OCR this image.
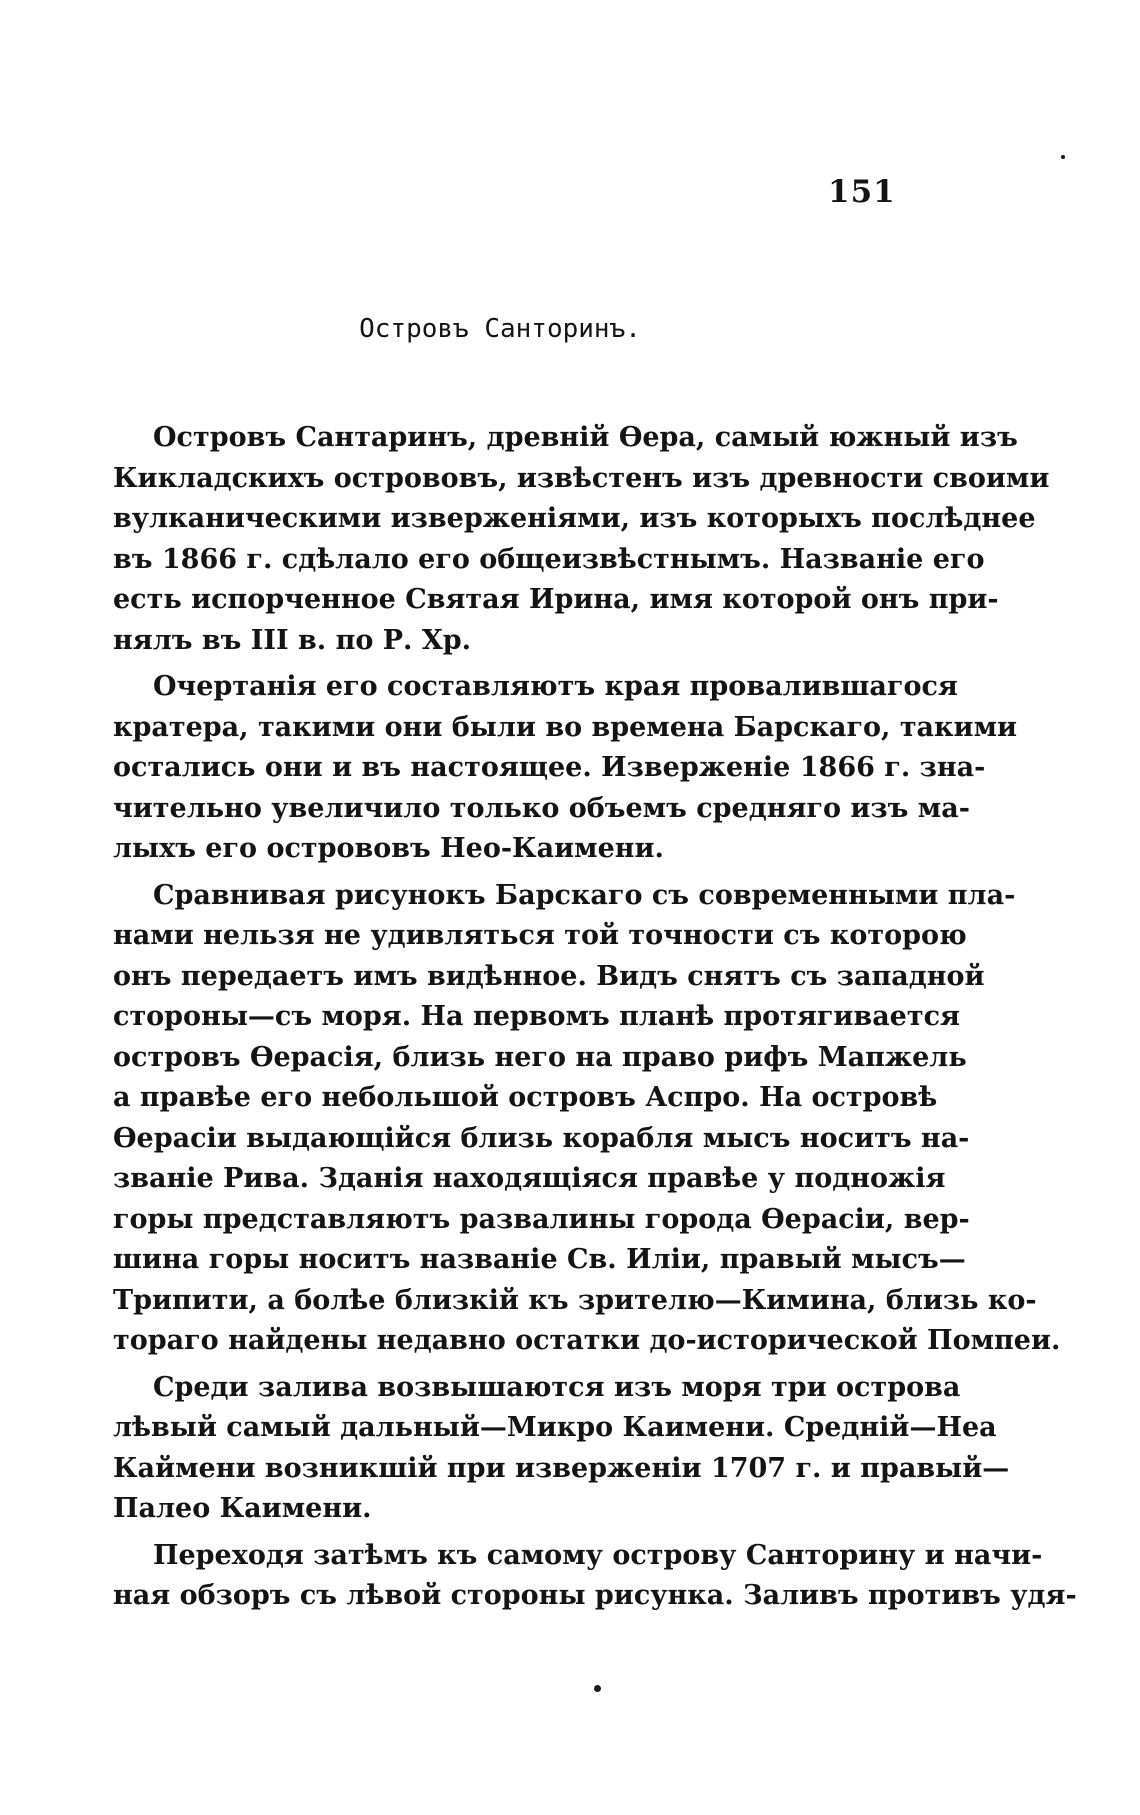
151
Островъ Санторинъ.
Островъ Сантаринъ, древній Өера, самый южный изъ
Кикладскихъ острововъ, извѣстенъ изъ древности своими
вулканическими изверженіями, изъ которыхъ послѣднее
въ 1866 г. сдѣлало его общеизвѣстнымъ. Названіе его
есть испорченное Святая Ирина, имя которой онъ при-
нялъ въ III в. по Р. Хр.
Очертанія его составляютъ края провалившагося
кратера, такими они были во времена Барскаго, такими
остались они и въ настоящее. Изверженіе 1866 г. зна-
чительно увеличило только объемъ средняго изъ ма-
лыхъ его острововъ Нео-Каимени.
Сравнивая рисунокъ Барскаго съ современными пла-
нами нельзя не удивляться той точности съ которою
онъ передаетъ имъ видѣнное. Видъ снятъ съ западной
стороны—съ моря. На первомъ планѣ протягивается
островъ Өерасія, близь него на право рифъ Мапжель
а правѣе его небольшой островъ Аспро. На островѣ
Өерасіи выдающійся близь корабля мысъ носитъ на-
званіе Рива. Зданія находящіяся правѣе у подножія
горы представляютъ развалины города Өерасіи, вер-
шина горы носитъ названіе Св. Иліи, правый мысъ—
Трипити, а болѣе близкій къ зрителю—Кимина, близь ко-
тораго найдены недавно остатки до-исторической Помпеи.
Среди залива возвышаются изъ моря три острова
лѣвый самый дальный—Микро Каимени. Средній—Неа
Каймени возникшій при изверженіи 1707 г. и правый—
Палео Каимени.
Переходя затѣмъ къ самому острову Санторину и начи-
ная обзоръ съ лѣвой стороны рисунка. Заливъ противъ удя-
